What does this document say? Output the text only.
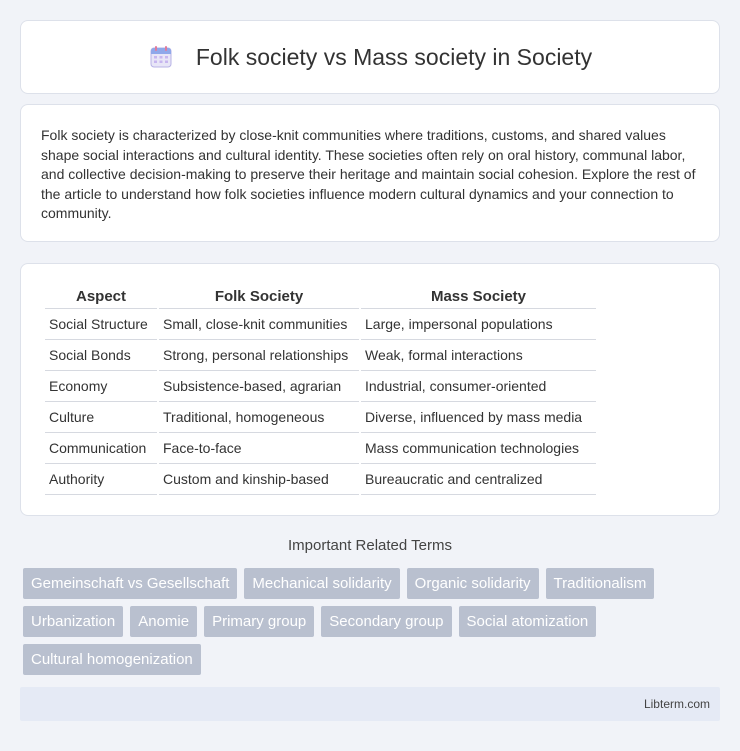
Folk society vs Mass society in Society

Folk society is characterized by close-knit communities where traditions, customs, and shared values shape social interactions and cultural identity. These societies often rely on oral history, communal labor, and collective decision-making to preserve their heritage and maintain social cohesion. Explore the rest of the article to understand how folk societies influence modern cultural dynamics and your connection to community.

Aspect	Folk Society	Mass Society
Social Structure	Small, close-knit communities	Large, impersonal populations
Social Bonds	Strong, personal relationships	Weak, formal interactions
Economy	Subsistence-based, agrarian	Industrial, consumer-oriented
Culture	Traditional, homogeneous	Diverse, influenced by mass media
Communication	Face-to-face	Mass communication technologies
Authority	Custom and kinship-based	Bureaucratic and centralized
Important Related Terms
Gemeinschaft vs Gesellschaft	Mechanical solidarity	Organic solidarity	Traditionalism
Urbanization	Anomie	Primary group	Secondary group	Social atomization
Cultural homogenization
Libterm.com
